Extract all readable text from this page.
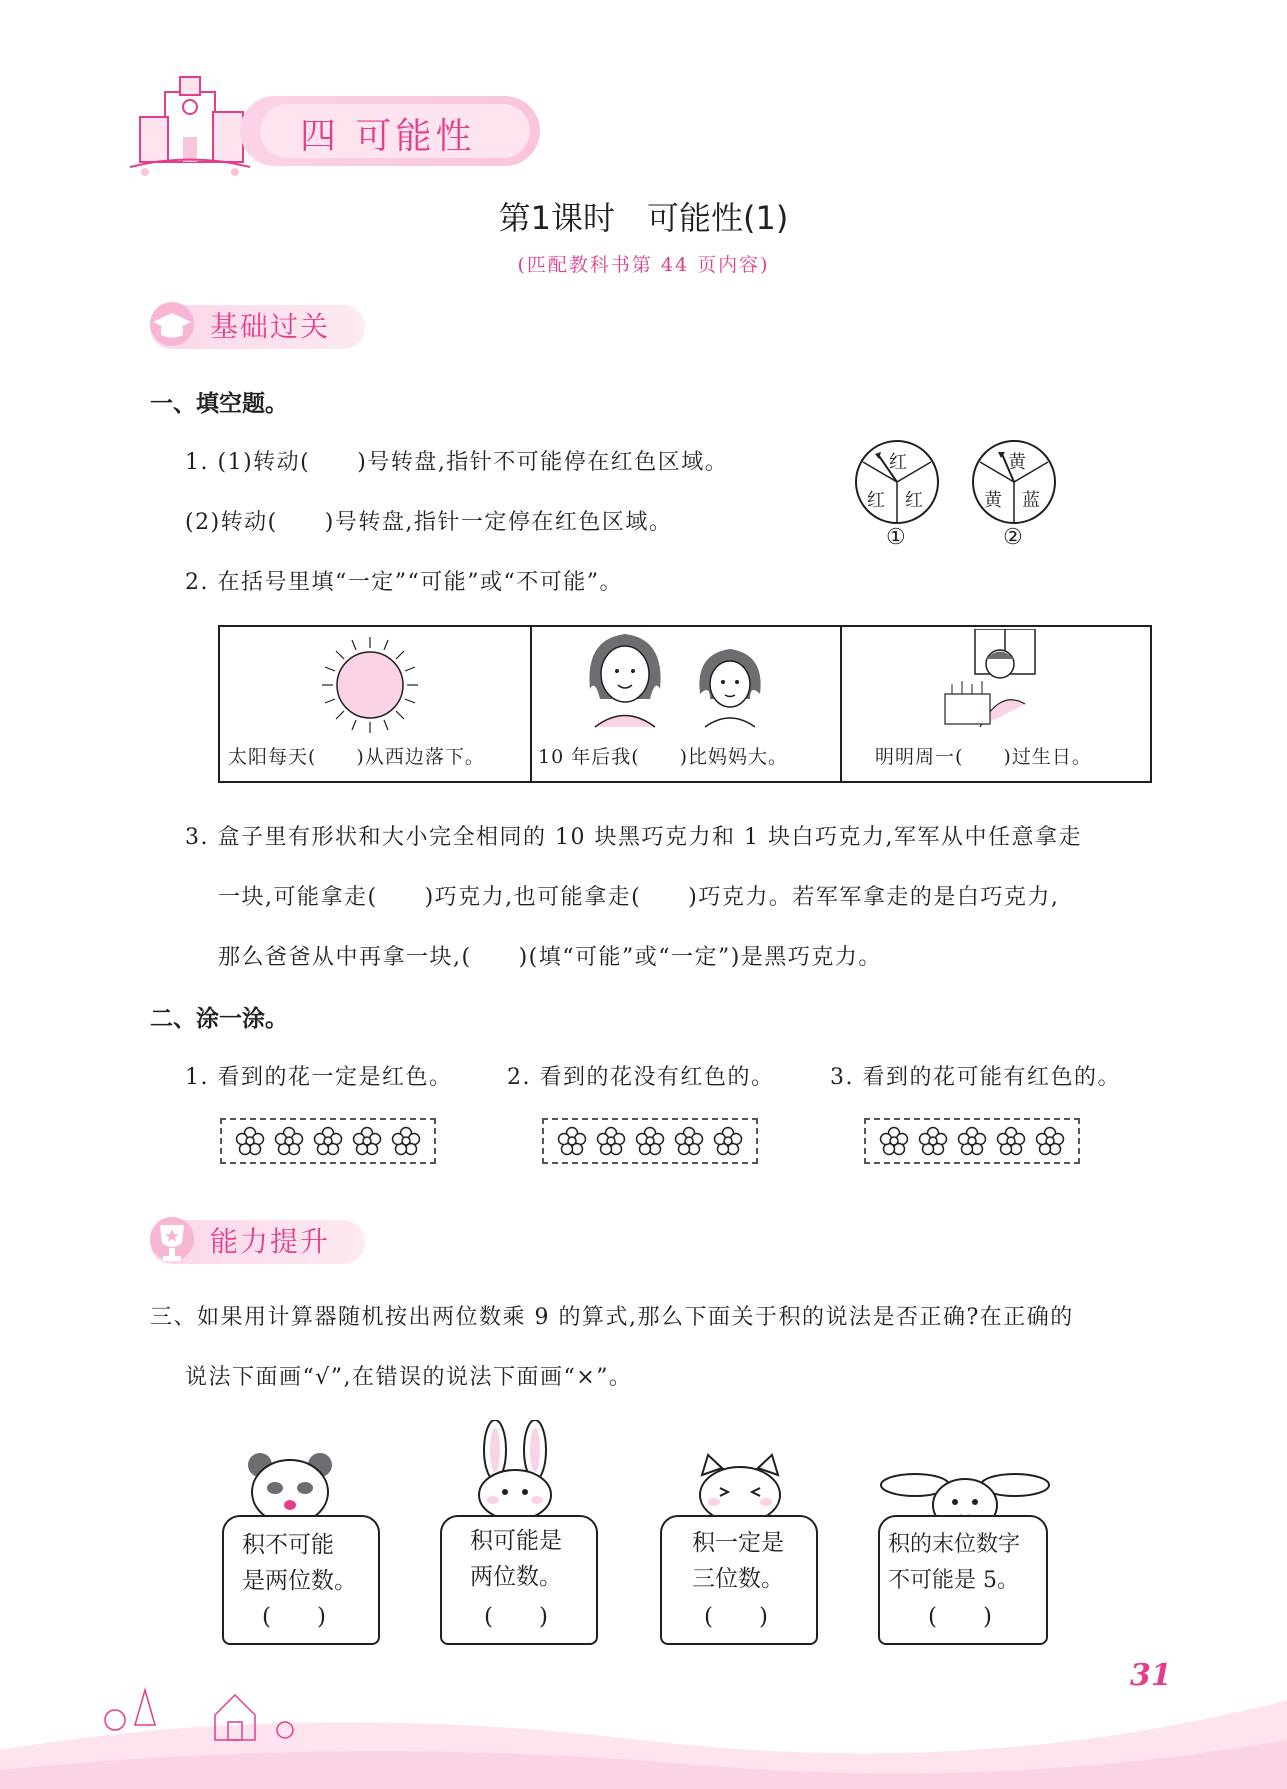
四 可能性
第1课时　可能性(1)
(匹配教科书第 44 页内容)
基础过关
一、填空题。
1. (1)转动(　　)号转盘,指针不可能停在红色区域。
(2)转动(　　)号转盘,指针一定停在红色区域。
红
红 红
①
黄
黄 蓝
②
2. 在括号里填“一定”“可能”或“不可能”。
太阳每天(　　)从西边落下。	10 年后我(　　)比妈妈大。	明明周一(　　)过生日。
3. 盒子里有形状和大小完全相同的 10 块黑巧克力和 1 块白巧克力,军军从中任意拿走
一块,可能拿走(　　)巧克力,也可能拿走(　　)巧克力。若军军拿走的是白巧克力,
那么爸爸从中再拿一块,(　　)(填“可能”或“一定”)是黑巧克力。
二、涂一涂。
1. 看到的花一定是红色。 2. 看到的花没有红色的。	3. 看到的花可能有红色的。
能力提升
三、如果用计算器随机按出两位数乘 9 的算式,那么下面关于积的说法是否正确?在正确的
说法下面画“√”,在错误的说法下面画“×”。
积不可能
是两位数。
(　　)
积可能是
两位数。
(　　)
积一定是
三位数。
(　　)
积的末位数字
不可能是 5。
(　　)
31
